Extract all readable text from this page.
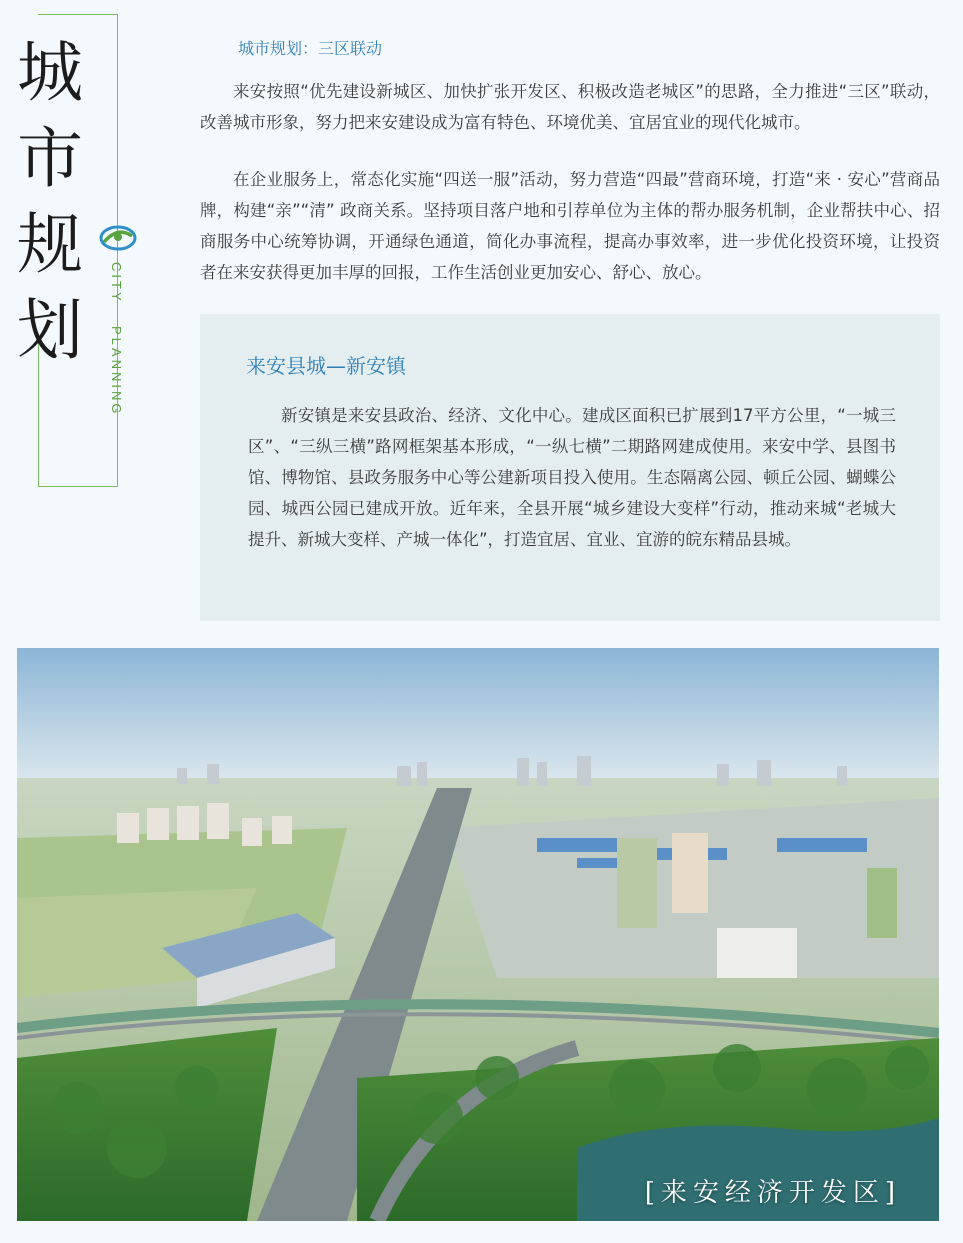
城
市
规
划
CITYPLANNING
城市规划：三区联动

来安按照“优先建设新城区、加快扩张开发区、积极改造老城区”的思路，全力推进“三区”联动，改善城市形象，努力把来安建设成为富有特色、环境优美、宜居宜业的现代化城市。

在企业服务上，常态化实施“四送一服”活动，努力营造“四最”营商环境，打造“来 · 安心”营商品牌，构建“亲”“清” 政商关系。坚持项目落户地和引荐单位为主体的帮办服务机制，企业帮扶中心、招商服务中心统筹协调，开通绿色通道，简化办事流程，提高办事效率，进一步优化投资环境，让投资者在来安获得更加丰厚的回报，工作生活创业更加安心、舒心、放心。

来安县城—新安镇

新安镇是来安县政治、经济、文化中心。建成区面积已扩展到17平方公里，“一城三区”、“三纵三横”路网框架基本形成，“一纵七横”二期路网建成使用。来安中学、县图书馆、博物馆、县政务服务中心等公建新项目投入使用。生态隔离公园、顿丘公园、蝴蝶公园、城西公园已建成开放。近年来，全县开展“城乡建设大变样”行动，推动来城“老城大提升、新城大变样、产城一体化”，打造宜居、宜业、宜游的皖东精品县城。

[来安经济开发区]
